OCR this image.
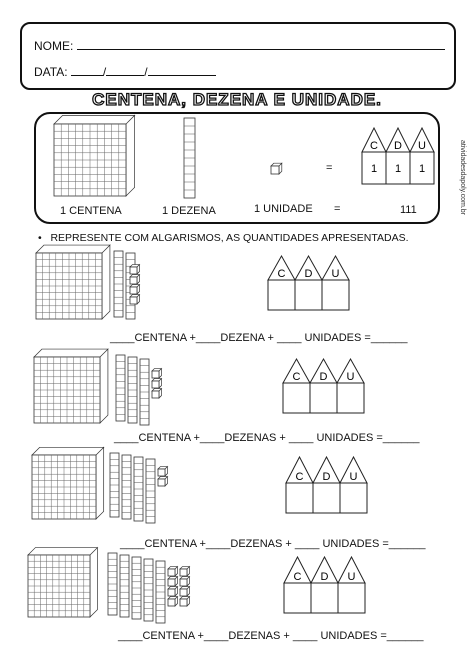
NOME:
DATA:	/	/
CENTENA, DEZENA E UNIDADE.
atividadesdapoly.com.br
C
1
D
1
U
1
C D U
C D U
C D U
C D U
1 CENTENA	1 DEZENA	1 UNIDADE =	111
=
•   REPRESENTE COM ALGARISMOS, AS QUANTIDADES APRESENTADAS.
____CENTENA +____DEZENA + ____ UNIDADES =______
____CENTENA +____DEZENAS + ____ UNIDADES =______
____CENTENA +____DEZENAS + ____ UNIDADES =______
____CENTENA +____DEZENAS + ____ UNIDADES =______
